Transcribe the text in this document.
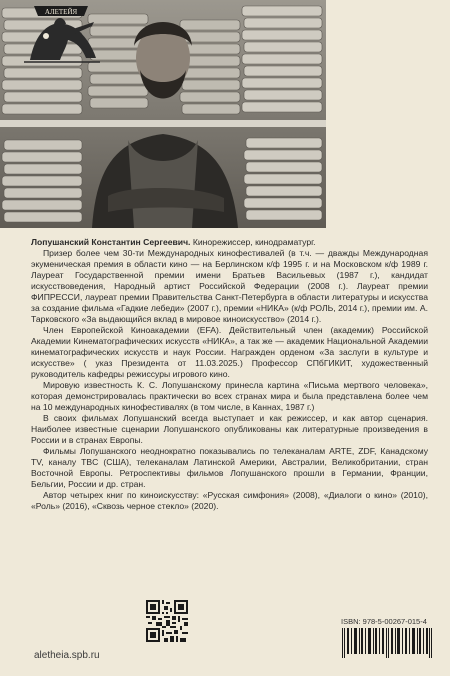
Лопушанский Константин Сергеевич. Кинорежиссер, кинодраматург.

Призер более чем 30-ти Международных кинофестивалей (в т.ч. — дважды Международная экуменическая премия в области кино — на Берлинском к/ф 1995 г. и на Московском к/ф 1989 г. Лауреат Государственной премии имени Братьев Васильевых (1987 г.), кандидат искусствоведения, Народный артист Российской Федерации (2008 г.). Лауреат премии ФИПРЕССИ, лауреат премии Правительства Санкт-Петербурга в области литературы и искусства за создание фильма «Гадкие лебеди» (2007 г.), премии «НИКА» (к/ф РОЛЬ, 2014 г.), премии им. А. Тарковского «За выдающийся вклад в мировое киноискусство» (2014 г.).

Член Европейской Киноакадемии (EFA). Действительный член (академик) Российской Академии Кинематографических искусств «НИКА», а так же — академик Национальной Академии кинематографических искусств и наук России. Награжден орденом «За заслуги в культуре и искусстве» ( указ Президента от 11.03.2025.) Профессор СПбГИКИТ, художественный руководитель кафедры режиссуры игрового кино.

Мировую известность К. С. Лопушанскому принесла картина «Письма мертвого человека», которая демонстрировалась практически во всех странах мира и была представлена более чем на 10 международных кинофестивалях (в том числе, в Каннах, 1987 г.)

В своих фильмах Лопушанский всегда выступает и как режиссер, и как автор сценария. Наиболее известные сценарии Лопушанского опубликованы как литературные произведения в России и в странах Европы.

Фильмы Лопушанского неоднократно показывались по телеканалам ARTE, ZDF, Канадскому TV, каналу TBC (США), телеканалам Латинской Америки, Австралии, Великобритании, стран Восточной Европы. Ретроспективы фильмов Лопушанского прошли в Германии, Франции, Бельгии, России и др. стран.

Автор четырех книг по киноискусству: «Русская симфония» (2008), «Диалоги о кино» (2010), «Роль» (2016), «Сквозь черное стекло» (2020).

АЛЕТЕЙЯ
aletheia.spb.ru
ISBN: 978-5-00267-015-4
